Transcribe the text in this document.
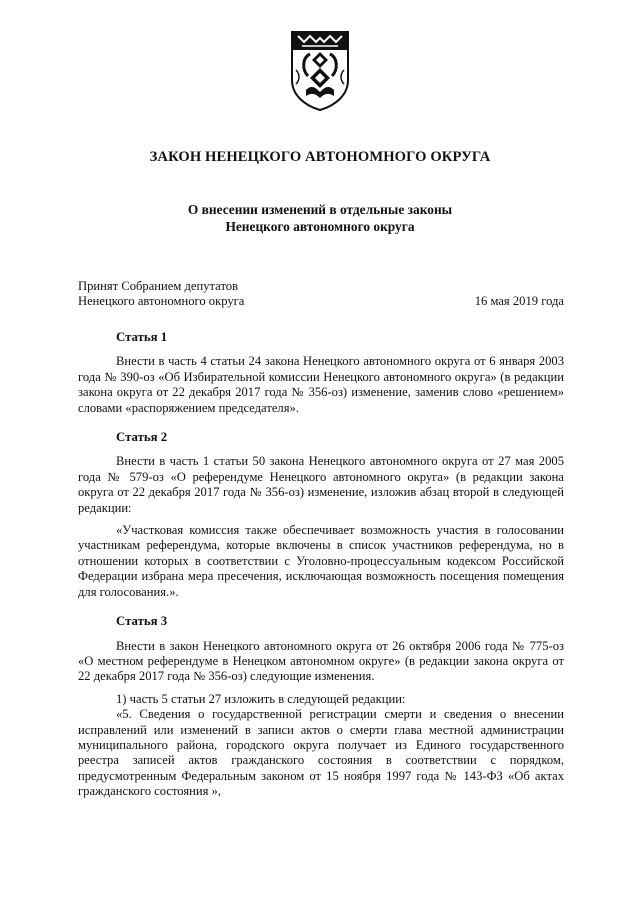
ЗАКОН НЕНЕЦКОГО АВТОНОМНОГО ОКРУГА
О внесении изменений в отдельные законы
Ненецкого автономного округа
Принят Собранием депутатов
Ненецкого автономного округа	16 мая 2019 года
Статья 1

Внести в часть 4 статьи 24 закона Ненецкого автономного округа от 6 января 2003 года № 390-оз «Об Избирательной комиссии Ненецкого автономного округа» (в редакции закона округа от 22 декабря 2017 года № 356-оз) изменение, заменив слово «решением» словами «распоряжением председателя».

Статья 2

Внести в часть 1 статьи 50 закона Ненецкого автономного округа от 27 мая 2005 года № 579-оз «О референдуме Ненецкого автономного округа» (в редакции закона округа от 22 декабря 2017 года № 356-оз) изменение, изложив абзац второй в следующей редакции:

«Участковая комиссия также обеспечивает возможность участия в голосовании участникам референдума, которые включены в список участников референдума, но в отношении которых в соответствии с Уголовно-процессуальным кодексом Российской Федерации избрана мера пресечения, исключающая возможность посещения помещения для голосования.».

Статья 3

Внести в закон Ненецкого автономного округа от 26 октября 2006 года № 775-оз «О местном референдуме в Ненецком автономном округе» (в редакции закона округа от 22 декабря 2017 года № 356-оз) следующие изменения.

1) часть 5 статьи 27 изложить в следующей редакции:

«5. Сведения о государственной регистрации смерти и сведения о внесении исправлений или изменений в записи актов о смерти глава местной администрации муниципального района, городского округа получает из Единого государственного реестра записей актов гражданского состояния в соответствии с порядком, предусмотренным Федеральным законом от 15 ноября 1997 года № 143-ФЗ «Об актах гражданского состояния »,
